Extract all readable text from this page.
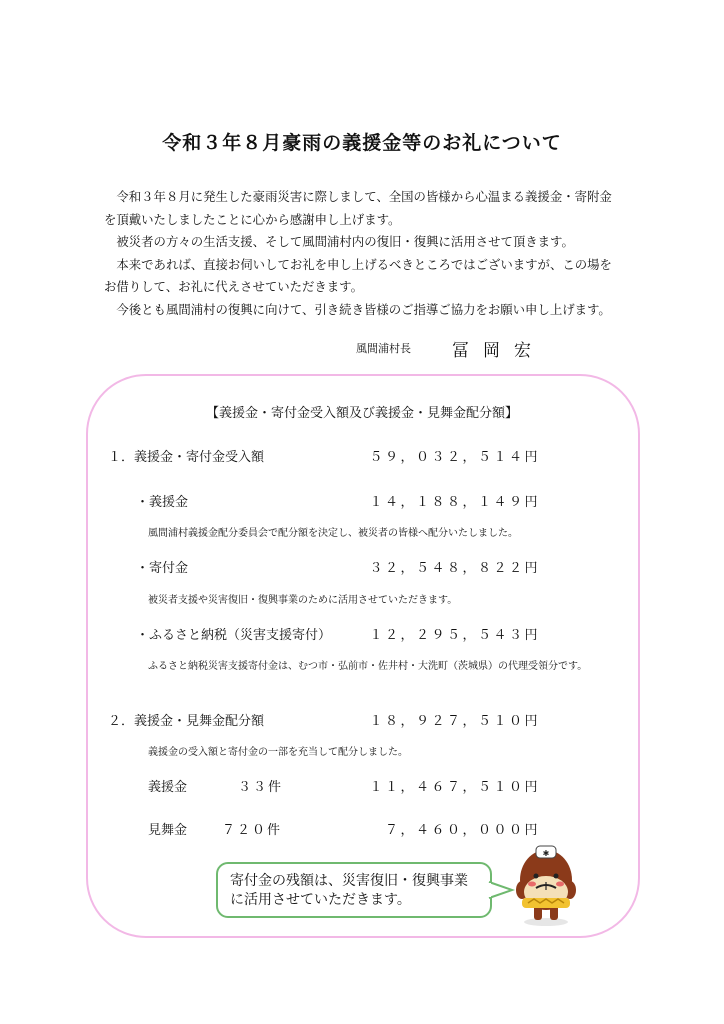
令和３年８月豪雨の義援金等のお礼について

　令和３年８月に発生した豪雨災害に際しまして、全国の皆様から心温まる義援金・寄附金を頂戴いたしましたことに心から感謝申し上げます。

　被災者の方々の生活支援、そして風間浦村内の復旧・復興に活用させて頂きます。

　本来であれば、直接お伺いしてお礼を申し上げるべきところではございますが、この場をお借りして、お礼に代えさせていただきます。

　今後とも風間浦村の復興に向けて、引き続き皆様のご指導ご協力をお願い申し上げます。

風間浦村長 冨岡宏
【義援金・寄付金受入額及び義援金・見舞金配分額】
１．義援金・寄付金受入額	５９，０３２，５１４円
・義援金	１４，１８８，１４９円
風間浦村義援金配分委員会で配分額を決定し、被災者の皆様へ配分いたしました。
・寄付金	３２，５４８，８２２円
被災者支援や災害復旧・復興事業のために活用させていただきます。
・ふるさと納税（災害支援寄付）	１２，２９５，５４３円
ふるさと納税災害支援寄付金は、むつ市・弘前市・佐井村・大洗町（茨城県）の代理受領分です。
２．義援金・見舞金配分額	１８，９２７，５１０円
義援金の受入額と寄付金の一部を充当して配分しました。
義援金	３３件	１１，４６７，５１０円
見舞金	７２０件	７，４６０，０００円
寄付金の残額は、災害復旧・復興事業
に活用させていただきます。
✱
